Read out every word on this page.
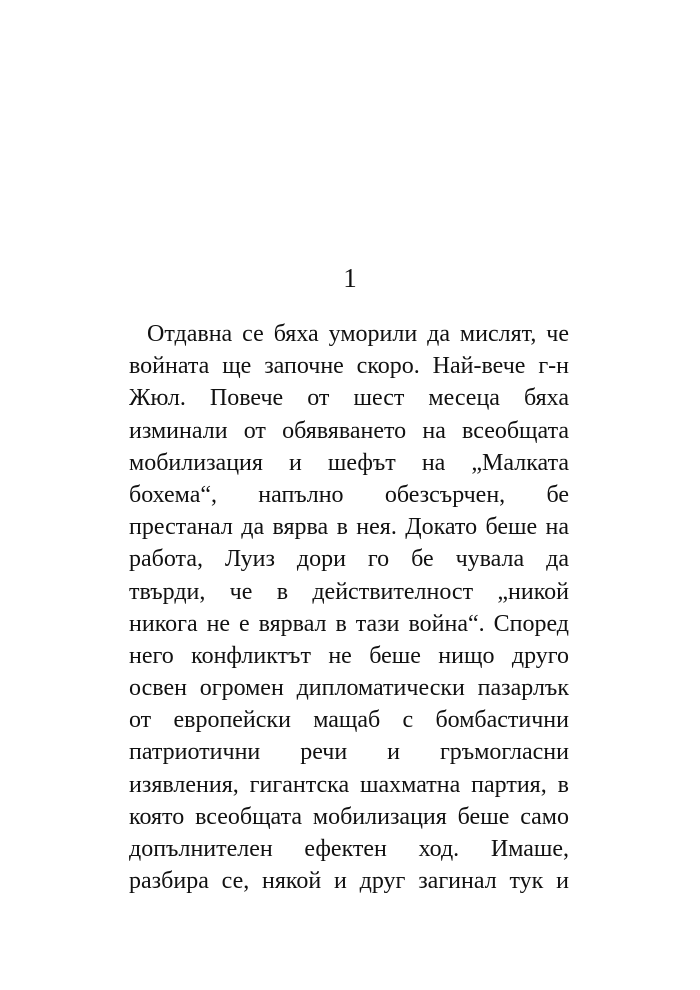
1
Отдавна се бяха уморили да мислят, че
войната ще започне скоро. Най-вече г-н
Жюл. Повече от шест месеца бяха
изминали от обявяването на всеобщата
мобилизация и шефът на „Малката
бохема“, напълно обезсърчен, бе
престанал да вярва в нея. Докато беше на
работа, Луиз дори го бе чувала да
твърди, че в действителност „никой
никога не е вярвал в тази война“. Според
него конфликтът не беше нищо друго
освен огромен дипломатически пазарлък
от европейски мащаб с бомбастични
патриотични речи и гръмогласни
изявления, гигантска шахматна партия, в
която всеобщата мобилизация беше само
допълнителен ефектен ход. Имаше,
разбира се, някой и друг загинал тук и
